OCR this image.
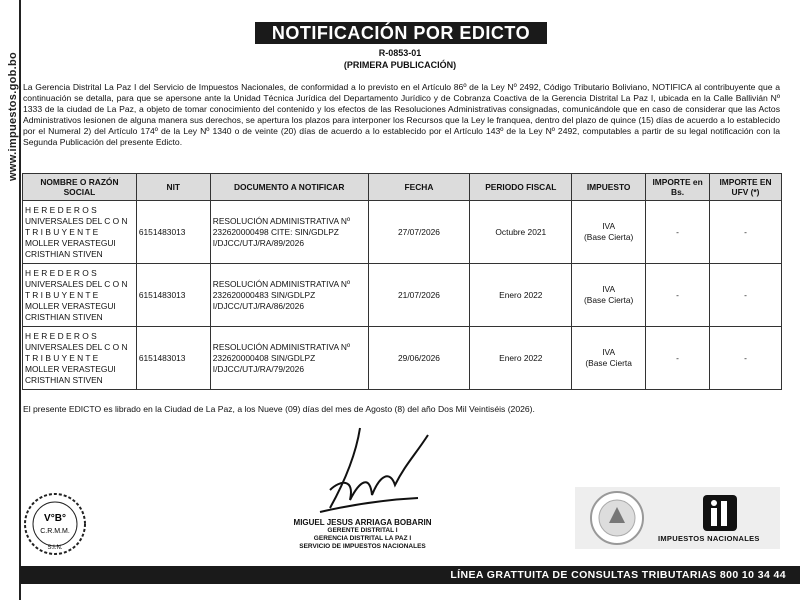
www.impuestos.gob.bo
NOTIFICACIÓN POR EDICTO
R-0853-01
(PRIMERA PUBLICACIÓN)
La Gerencia Distrital La Paz I del Servicio de Impuestos Nacionales, de conformidad a lo previsto en el Artículo 86º de la Ley Nº 2492, Código Tributario Boliviano, NOTIFICA al contribuyente que a continuación se detalla, para que se apersone ante la Unidad Técnica Jurídica del Departamento Jurídico y de Cobranza Coactiva de la Gerencia Distrital La Paz I, ubicada en la Calle Ballivián Nº 1333 de la ciudad de La Paz, a objeto de tomar conocimiento del contenido y los efectos de las Resoluciones Administrativas consignadas, comunicándole que en caso de considerar que las Actos Administrativos lesionen de alguna manera sus derechos, se apertura los plazos para interponer los Recursos que la Ley le franquea, dentro del plazo de quince (15) días de acuerdo a lo establecido por el Numeral 2) del Artículo 174º de la Ley Nº 1340 o de veinte (20) días de acuerdo a lo establecido por el Artículo 143º de la Ley Nº 2492, computables a partir de su legal notificación con la Segunda Publicación del presente Edicto.
NOMBRE O RAZÓN SOCIAL	NIT	DOCUMENTO A NOTIFICAR	FECHA	PERIODO FISCAL	IMPUESTO	IMPORTE en Bs.	IMPORTE EN UFV (*)
H E R E D E R O S UNIVERSALES DEL C O N T R I B U Y E N T E MOLLER VERASTEGUI CRISTHIAN STIVEN	6151483013	RESOLUCIÓN ADMINISTRATIVA Nº 232620000498 CITE: SIN/GDLPZ I/DJCC/UTJ/RA/89/2026	27/07/2026	Octubre 2021	IVA
(Base Cierta)	-	-
H E R E D E R O S UNIVERSALES DEL C O N T R I B U Y E N T E MOLLER VERASTEGUI CRISTHIAN STIVEN	6151483013	RESOLUCIÓN ADMINISTRATIVA Nº 232620000483 SIN/GDLPZ I/DJCC/UTJ/RA/86/2026	21/07/2026	Enero 2022	IVA
(Base Cierta)	-	-
H E R E D E R O S UNIVERSALES DEL C O N T R I B U Y E N T E MOLLER VERASTEGUI CRISTHIAN STIVEN	6151483013	RESOLUCIÓN ADMINISTRATIVA Nº 232620000408 SIN/GDLPZ I/DJCC/UTJ/RA/79/2026	29/06/2026	Enero 2022	IVA
(Base Cierta	-	-
El presente EDICTO es librado en la Ciudad de La Paz, a los Nueve (09) días del mes de Agosto (8) del año Dos Mil Veintiséis (2026).
MIGUEL JESUS ARRIAGA BOBARIN
GERENTE DISTRITAL I
GERENCIA DISTRITAL LA PAZ I
SERVICIO DE IMPUESTOS NACIONALES
V°B°
C.R.M.M.
S.I.N.
IMPUESTOS NACIONALES
LÍNEA GRATTUITA DE CONSULTAS TRIBUTARIAS 800 10 34 44
